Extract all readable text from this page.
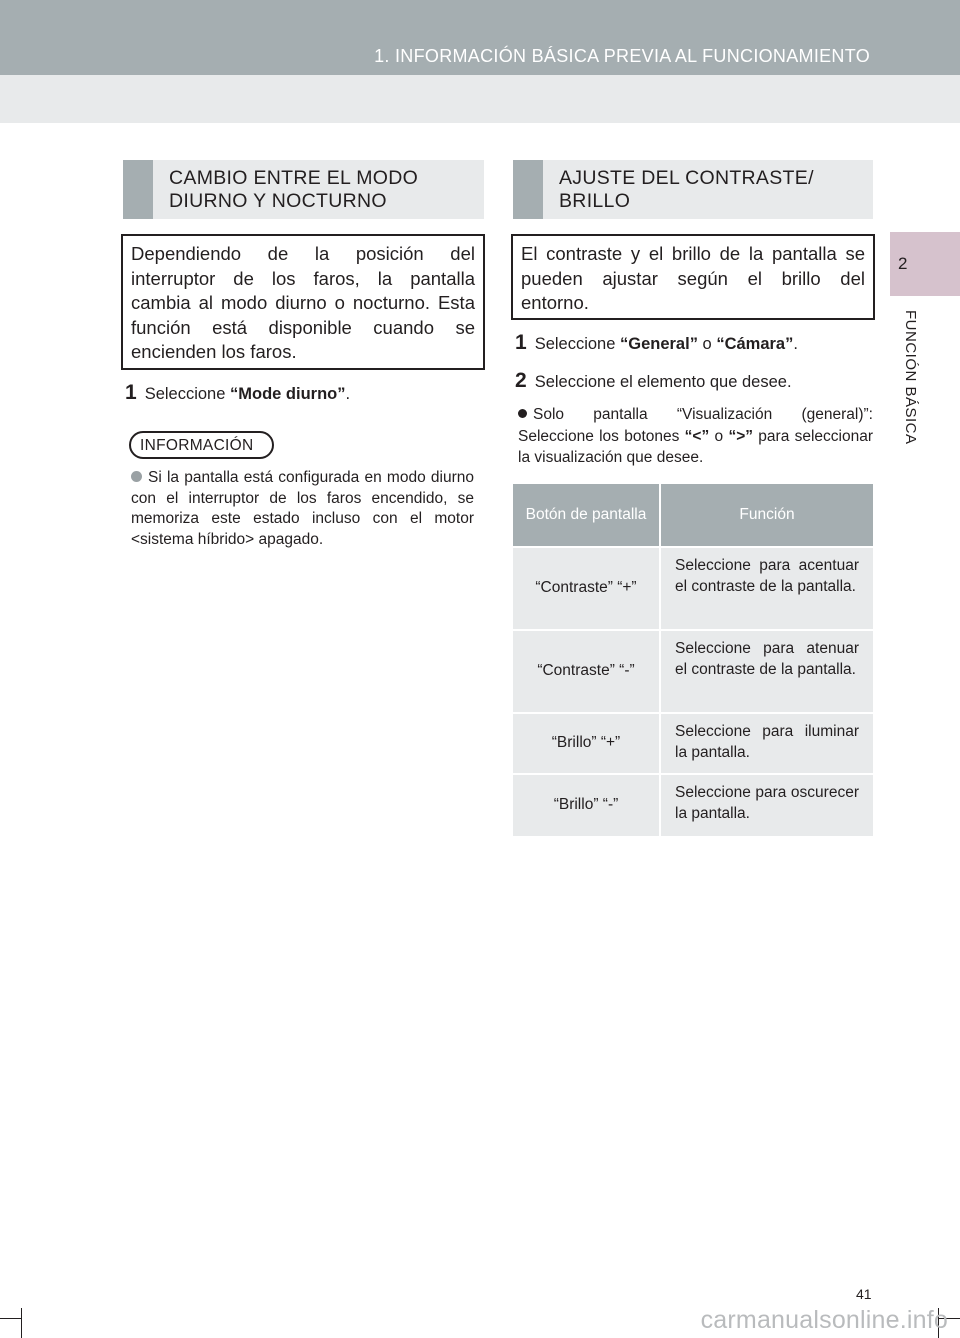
1. INFORMACIÓN BÁSICA PREVIA AL FUNCIONAMIENTO
2
FUNCIÓN BÁSICA
CAMBIO ENTRE EL MODO
DIURNO Y NOCTURNO
Dependiendo de la posición del interruptor de los faros, la pantalla cambia al modo diurno o nocturno. Esta función está disponible cuando se encienden los faros.
1 Seleccione “Mode diurno”.
INFORMACIÓN
Si la pantalla está configurada en modo diurno con el interruptor de los faros encendido, se memoriza este estado incluso con el motor <sistema híbrido> apagado.
AJUSTE DEL CONTRASTE/
BRILLO
El contraste y el brillo de la pantalla se pueden ajustar según el brillo del entorno.
1 Seleccione “General” o “Cámara”.
2 Seleccione el elemento que desee.
Solo pantalla “Visualización (general)”: Seleccione los botones “<” o “>” para seleccionar la visualización que desee.
Botón de pantalla	Función
“Contraste” “+”	Seleccione para acentuar el contraste de la pantalla.
“Contraste” “-”	Seleccione para atenuar el contraste de la pantalla.
“Brillo” “+”	Seleccione para iluminar la pantalla.
“Brillo” “-”	Seleccione para oscurecer la pantalla.
41
carmanualsonline.info
